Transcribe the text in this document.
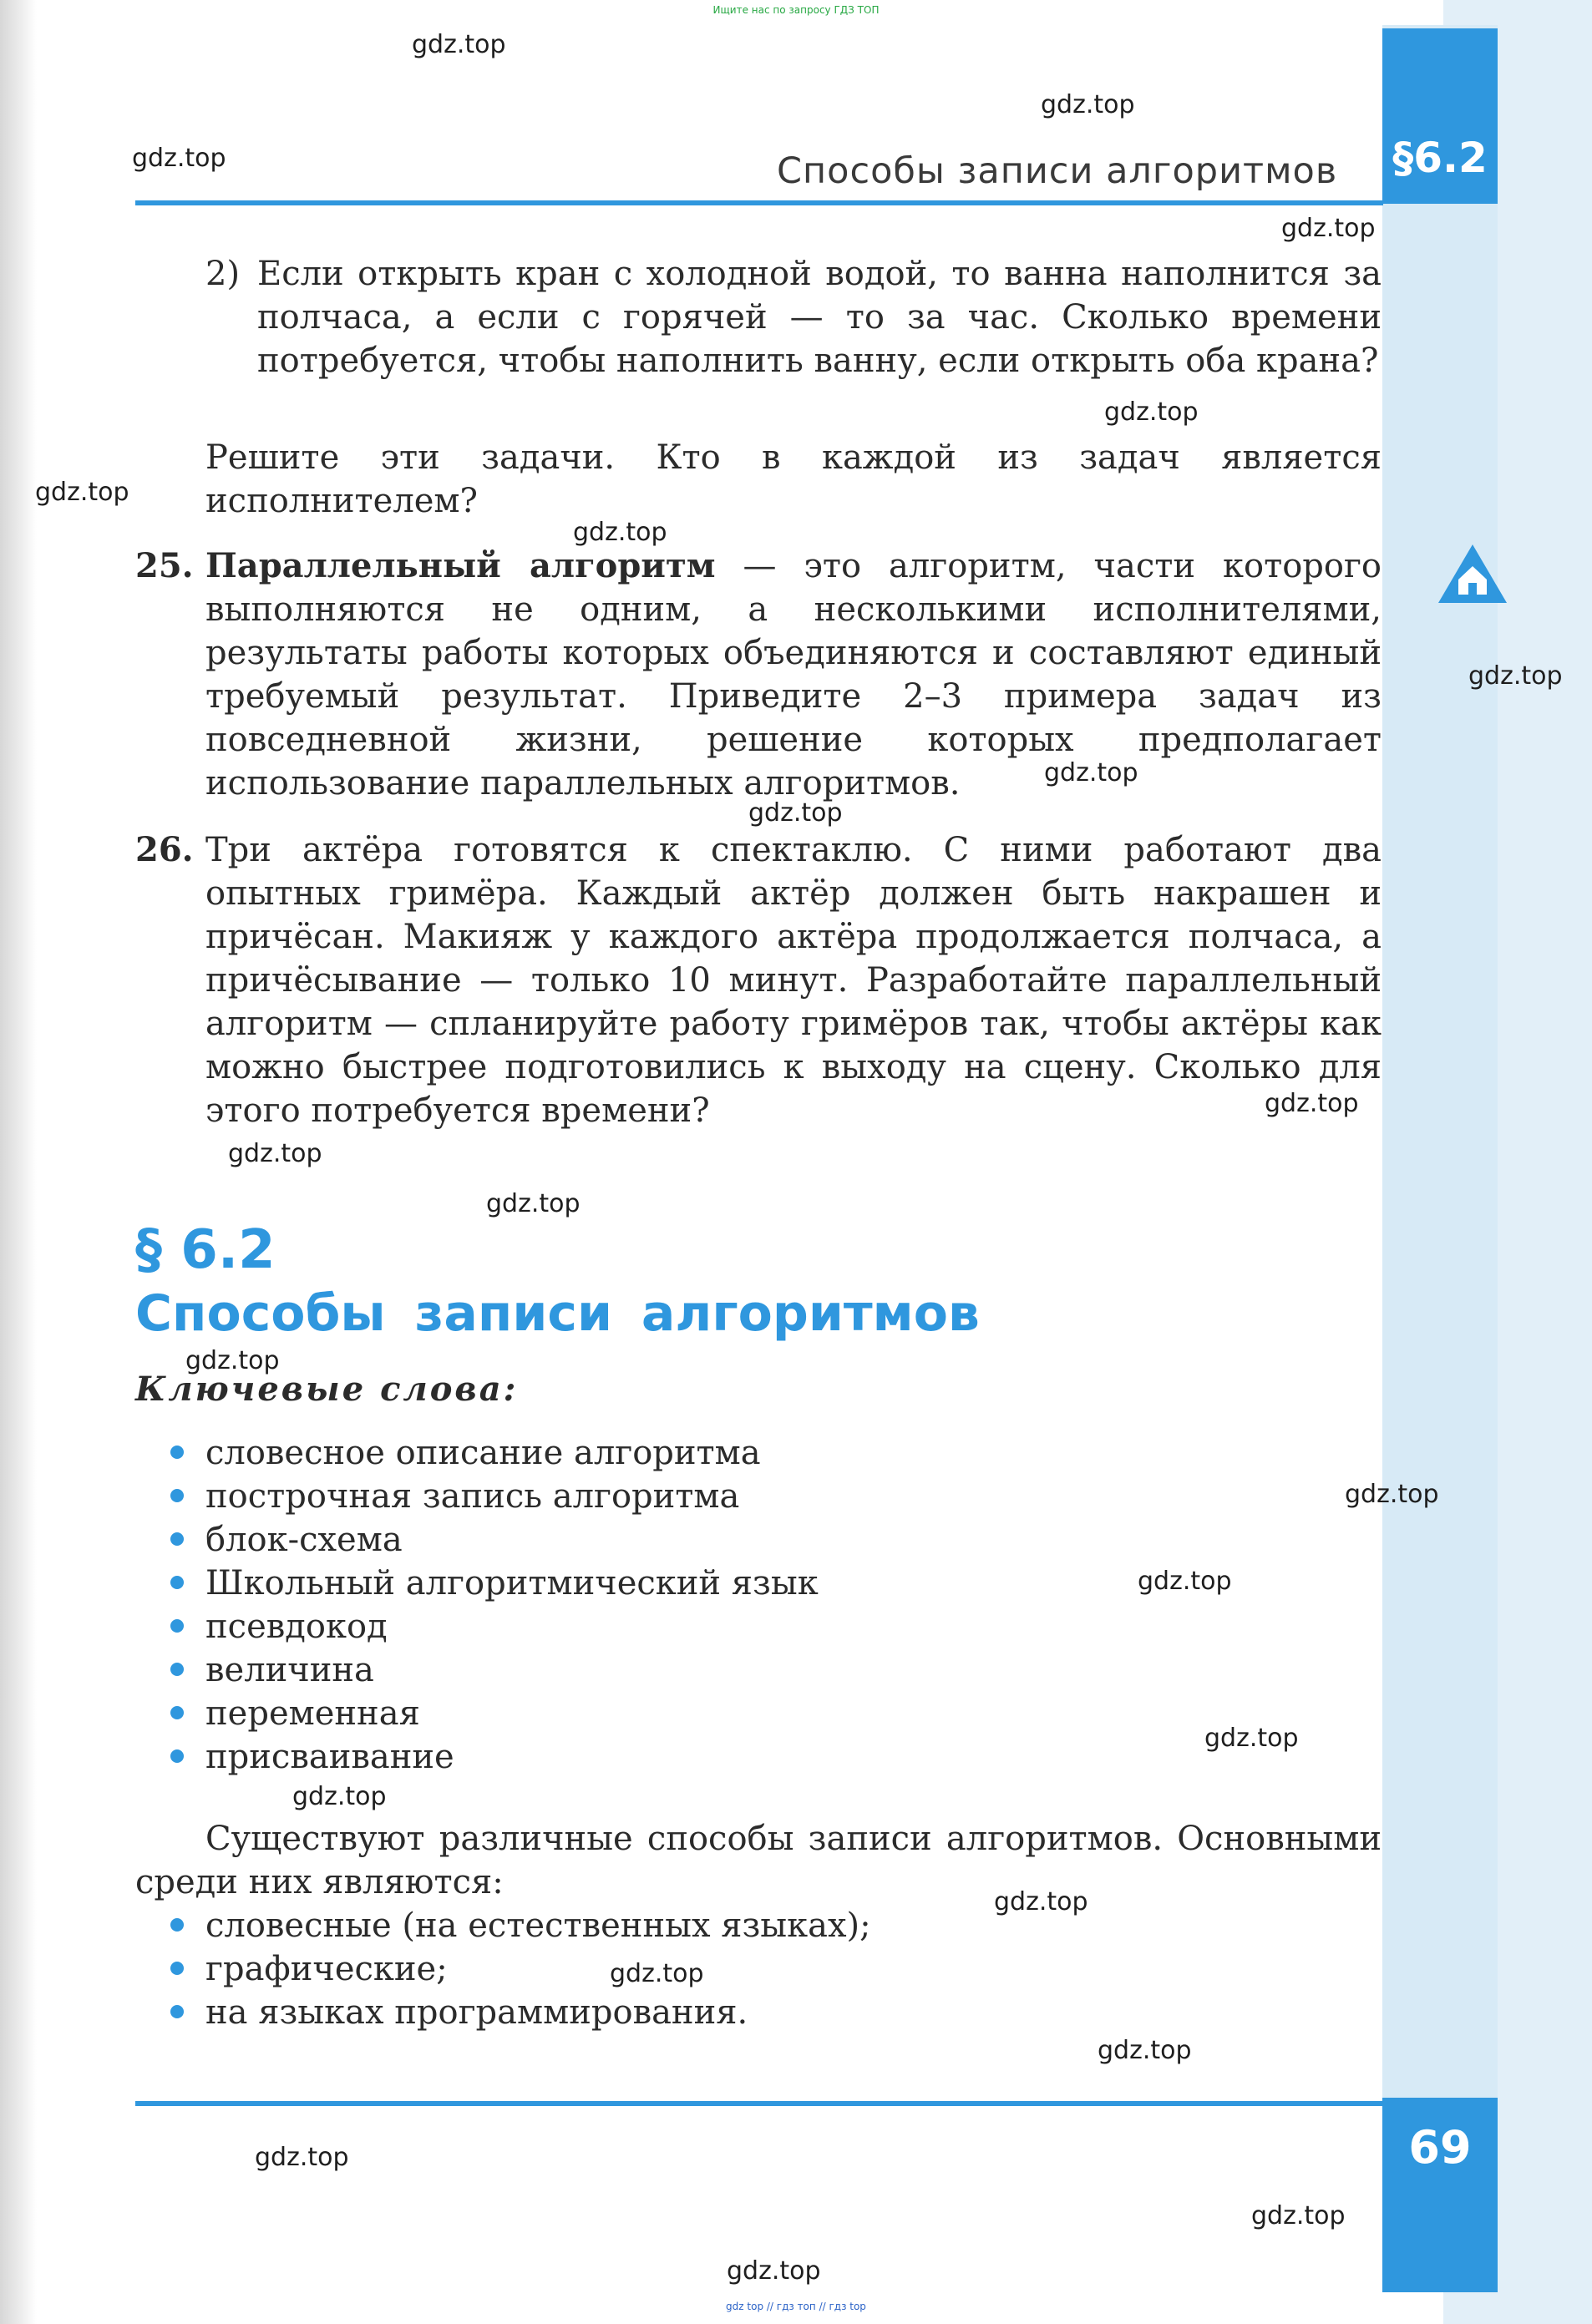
Ищите нас по запросу ГДЗ ТОП
§6.2
Способы записи алгоритмов
2) Если открыть кран с холодной водой, то ванна наполнится за полчаса, а если с горячей — то за час. Сколько времени потребуется, чтобы наполнить ванну, если открыть оба крана?
Решите эти задачи. Кто в каждой из задач является исполнителем?
25. Параллельный алгоритм — это алгоритм, части которого выполняются не одним, а несколькими исполнителями, результаты работы которых объединяются и составляют единый требуемый результат. Приведите 2–3 примера задач из повседневной жизни, решение которых предполагает использование параллельных алгоритмов.
26. Три актёра готовятся к спектаклю. С ними работают два опытных гримёра. Каждый актёр должен быть накрашен и причёсан. Макияж у каждого актёра продолжается полчаса, а причёсывание — только 10 минут. Разработайте параллельный алгоритм — спланируйте работу гримёров так, чтобы актёры как можно быстрее подготовились к выходу на сцену. Сколько для этого потребуется времени?
§ 6.2
Способы записи алгоритмов
Ключевые слова:
словесное описание алгоритма
построчная запись алгоритма
блок-схема
Школьный алгоритмический язык
псевдокод
величина
переменная
присваивание
Существуют различные способы записи алгоритмов. Основными среди них являются:
словесные (на естественных языках);
графические;
на языках программирования.
69
gdz.top
gdz.top
gdz.top
gdz.top
gdz.top
gdz.top
gdz.top
gdz.top
gdz.top
gdz.top
gdz.top
gdz.top
gdz.top
gdz.top
gdz.top
gdz.top
gdz.top
gdz.top
gdz.top
gdz.top
gdz.top
gdz.top
gdz.top
gdz.top
gdz top // гдз топ // гдз top
